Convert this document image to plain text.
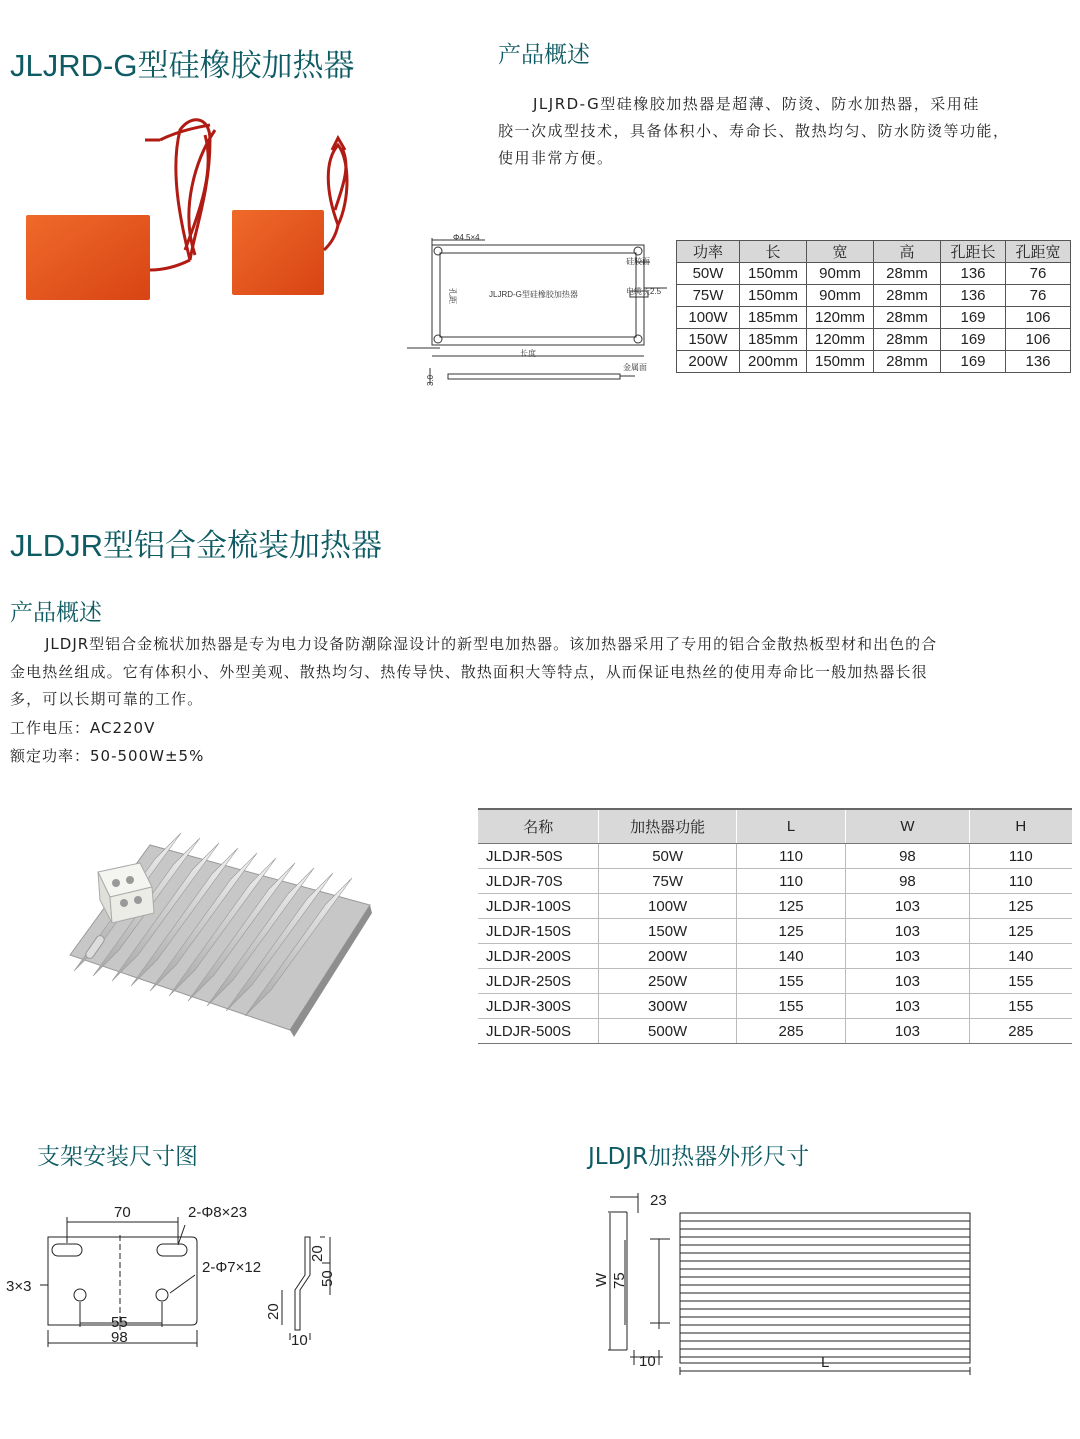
JLJRD-G型硅橡胶加热器	产品概述
JLJRD-G型硅橡胶加热器是超薄、防烫、防水加热器，采用硅
胶一次成型技术，具备体积小、寿命长、散热均匀、防水防烫等功能，
使用非常方便。
Φ4.5×4
硅胶面
电缆长2.5
JLJRD-G型硅橡胶加热器
孔距
长度
3.0
金属面
功率	长	宽	高	孔距长	孔距宽
50W	150mm	90mm	28mm	136	76
75W	150mm	90mm	28mm	136	76
100W	185mm	120mm	28mm	169	106
150W	185mm	120mm	28mm	169	106
200W	200mm	150mm	28mm	169	136
JLDJR型铝合金梳装加热器
产品概述
JLDJR型铝合金梳状加热器是专为电力设备防潮除湿设计的新型电加热器。该加热器采用了专用的铝合金散热板型材和出色的合
金电热丝组成。它有体积小、外型美观、散热均匀、热传导快、散热面积大等特点，从而保证电热丝的使用寿命比一般加热器长很
多，可以长期可靠的工作。
工作电压：AC220V
额定功率：50-500W±5%
名称	加热器功能	L	W	H
JLDJR-50S	50W	110	98	110
JLDJR-70S	75W	110	98	110
JLDJR-100S	100W	125	103	125
JLDJR-150S	150W	125	103	125
JLDJR-200S	200W	140	103	140
JLDJR-250S	250W	155	103	155
JLDJR-300S	300W	155	103	155
JLDJR-500S	500W	285	103	285
支架安装尺寸图
70	2-Φ8×23
2-Φ7×12
3×3
55
98
20
50
20
10
JLDJR加热器外形尺寸
23
W 75
10	L
